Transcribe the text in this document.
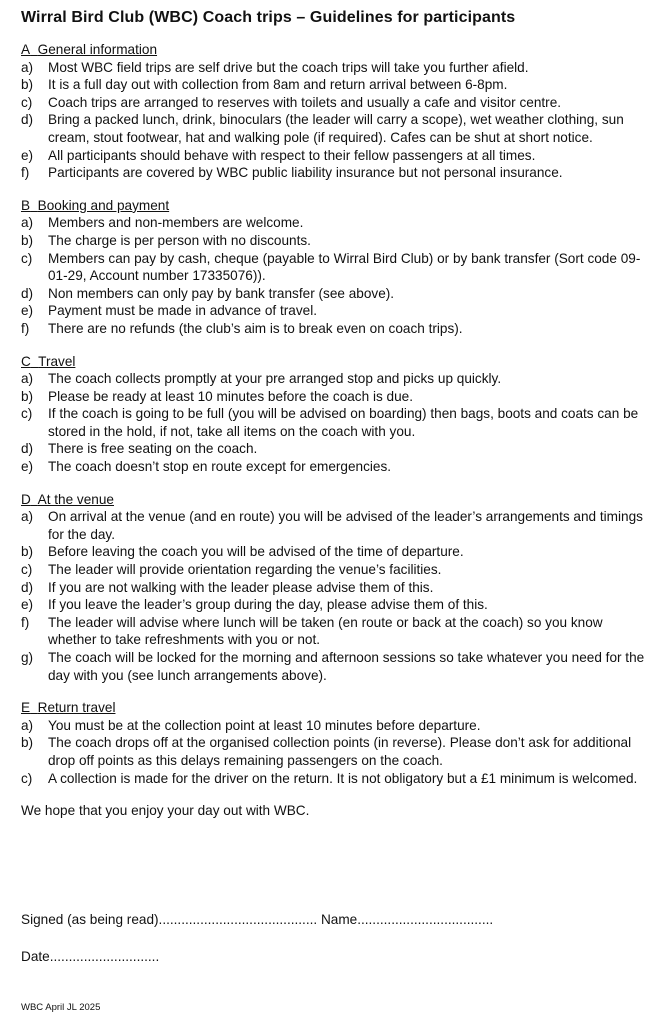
Wirral Bird Club (WBC) Coach trips – Guidelines for participants
A General information
a)	Most WBC field trips are self drive but the coach trips will take you further afield.
b)	It is a full day out with collection from 8am and return arrival between 6-8pm.
c)	Coach trips are arranged to reserves with toilets and usually a cafe and visitor centre.
d)	Bring a packed lunch, drink, binoculars (the leader will carry a scope), wet weather clothing, sun cream, stout footwear, hat and walking pole (if required). Cafes can be shut at short notice.
e)	All participants should behave with respect to their fellow passengers at all times.
f)	Participants are covered by WBC public liability insurance but not personal insurance.
B Booking and payment
a)	Members and non-members are welcome.
b)	The charge is per person with no discounts.
c)	Members can pay by cash, cheque (payable to Wirral Bird Club) or by bank transfer (Sort code 09-01-29, Account number 17335076)).
d)	Non members can only pay by bank transfer (see above).
e)	Payment must be made in advance of travel.
f)	There are no refunds (the club’s aim is to break even on coach trips).
C Travel
a)	The coach collects promptly at your pre arranged stop and picks up quickly.
b)	Please be ready at least 10 minutes before the coach is due.
c)	If the coach is going to be full (you will be advised on boarding) then bags, boots and coats can be stored in the hold, if not, take all items on the coach with you.
d)	There is free seating on the coach.
e)	The coach doesn’t stop en route except for emergencies.
D At the venue
a)	On arrival at the venue (and en route) you will be advised of the leader’s arrangements and timings for the day.
b)	Before leaving the coach you will be advised of the time of departure.
c)	The leader will provide orientation regarding the venue’s facilities.
d)	If you are not walking with the leader please advise them of this.
e)	If you leave the leader’s group during the day, please advise them of this.
f)	The leader will advise where lunch will be taken (en route or back at the coach) so you know whether to take refreshments with you or not.
g)	The coach will be locked for the morning and afternoon sessions so take whatever you need for the day with you (see lunch arrangements above).
E Return travel
a)	You must be at the collection point at least 10 minutes before departure.
b)	The coach drops off at the organised collection points (in reverse). Please don’t ask for additional drop off points as this delays remaining passengers on the coach.
c)	A collection is made for the driver on the return. It is not obligatory but a £1 minimum is welcomed.
We hope that you enjoy your day out with WBC.
Signed (as being read).......................................... Name....................................
Date.............................
WBC April JL 2025
